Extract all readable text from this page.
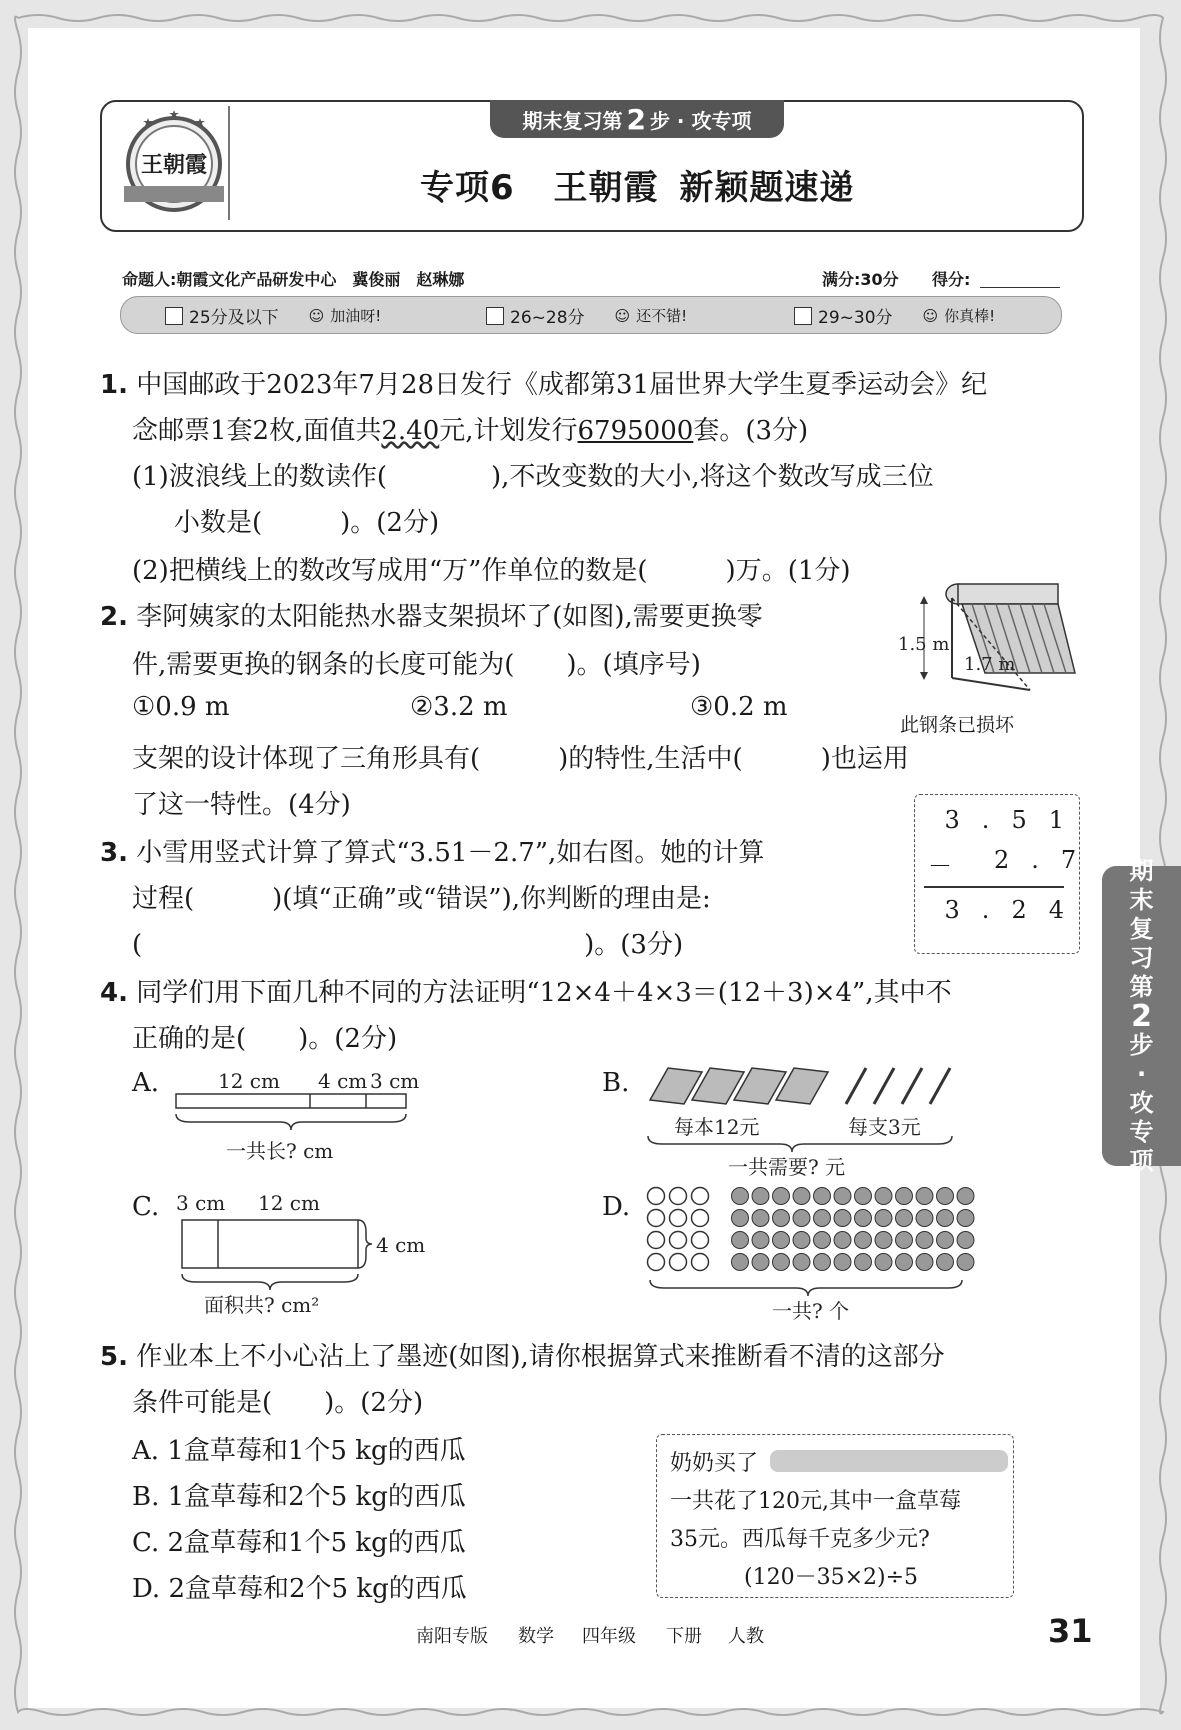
期末复习第 2 步 · 攻专项
王朝霞
专项6 王朝霞 新颖题速递
命题人:朝霞文化产品研发中心　冀俊丽　赵琳娜	满分:30分 得分:
25分及以下 ☺ 加油呀!	26~28分 ☺ 还不错!	29~30分 ☺ 你真棒!
1. 中国邮政于2023年7月28日发行《成都第31届世界大学生夏季运动会》纪
念邮票1套2枚,面值共2.40元,计划发行6795000套。(3分)
(1)波浪线上的数读作(　　　　),不改变数的大小,将这个数改写成三位
小数是(　　　)。(2分)
(2)把横线上的数改写成用“万”作单位的数是(　　　)万。(1分)
2. 李阿姨家的太阳能热水器支架损坏了(如图),需要更换零
件,需要更换的钢条的长度可能为(　　)。(填序号)
①0.9 m	②3.2 m	③0.2 m
支架的设计体现了三角形具有(　　　)的特性,生活中(　　　)也运用
了这一特性。(4分)
1.5 m
1.7 m
此钢条已损坏
3. 小雪用竖式计算了算式“3.51－2.7”,如右图。她的计算
过程(　　　)(填“正确”或“错误”),你判断的理由是:
(　　　　　　　　　　　　　　　　　)。(3分)
3 . 5 1
－ 2 . 7
3 . 2 4
4. 同学们用下面几种不同的方法证明“12×4＋4×3＝(12＋3)×4”,其中不
正确的是(　　)。(2分)
A.	12 cm 4 cm 3 cm
一共长? cm
B.
每本12元	每支3元
一共需要? 元
C. 3 cm 12 cm
4 cm
面积共? cm²
D.
一共? 个
5. 作业本上不小心沾上了墨迹(如图),请你根据算式来推断看不清的这部分
条件可能是(　　)。(2分)
A. 1盒草莓和1个5 kg的西瓜
B. 1盒草莓和2个5 kg的西瓜
C. 2盒草莓和1个5 kg的西瓜
D. 2盒草莓和2个5 kg的西瓜
奶奶买了
一共花了120元,其中一盒草莓
35元。西瓜每千克多少元?
(120－35×2)÷5
期
末
复
习
第
2
步
·
攻
专
项
南阳专版 数学 四年级 下册 人教	31
